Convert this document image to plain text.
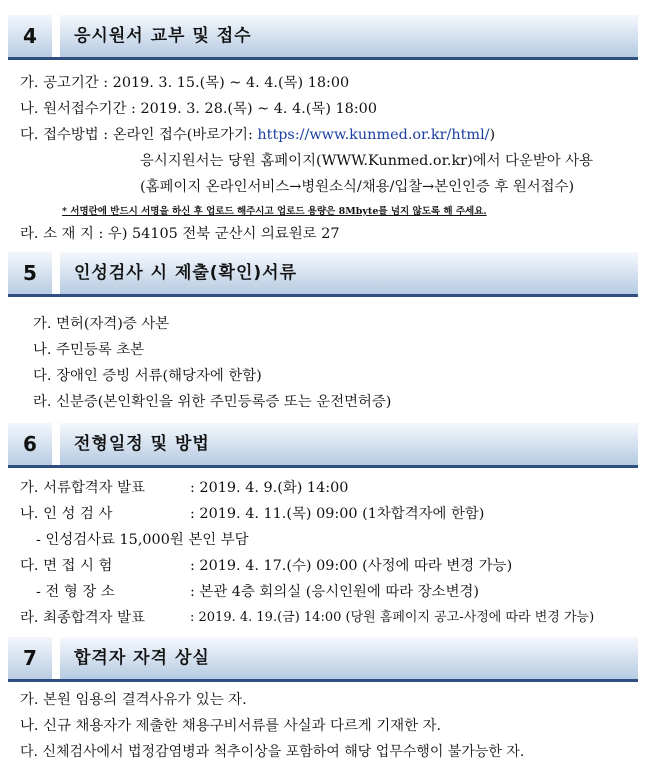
4	응시원서 교부 및 접수
가. 공고기간 : 2019. 3. 15.(목) ~ 4. 4.(목) 18:00
나. 원서접수기간 : 2019. 3. 28.(목) ~ 4. 4.(목) 18:00
다. 접수방법 : 온라인 접수(바로가기: https://www.kunmed.or.kr/html/)
응시지원서는 당원 홈페이지(WWW.Kunmed.or.kr)에서 다운받아 사용
(홈페이지 온라인서비스→병원소식/채용/입찰→본인인증 후 원서접수)
* 서명란에 반드시 서명을 하신 후 업로드 해주시고 업로드 용량은 8Mbyte를 넘지 않도록 해 주세요.
라. 소 재 지 : 우) 54105 전북 군산시 의료원로 27
5	인성검사 시 제출(확인)서류
가. 면허(자격)증 사본
나. 주민등록 초본
다. 장애인 증빙 서류(해당자에 한함)
라. 신분증(본인확인을 위한 주민등록증 또는 운전면허증)
6	전형일정 및 방법
가. 서류합격자 발표	: 2019. 4. 9.(화) 14:00
나. 인 성 검 사	: 2019. 4. 11.(목) 09:00 (1차합격자에 한함)
- 인성검사료 15,000원 본인 부담
다. 면 접 시 험	: 2019. 4. 17.(수) 09:00 (사정에 따라 변경 가능)
- 전 형 장 소	: 본관 4층 회의실 (응시인원에 따라 장소변경)
라. 최종합격자 발표	: 2019. 4. 19.(금) 14:00 (당원 홈페이지 공고-사정에 따라 변경 가능)
7	합격자 자격 상실
가. 본원 임용의 결격사유가 있는 자.
나. 신규 채용자가 제출한 채용구비서류를 사실과 다르게 기재한 자.
다. 신체검사에서 법정감염병과 척추이상을 포함하여 해당 업무수행이 불가능한 자.
